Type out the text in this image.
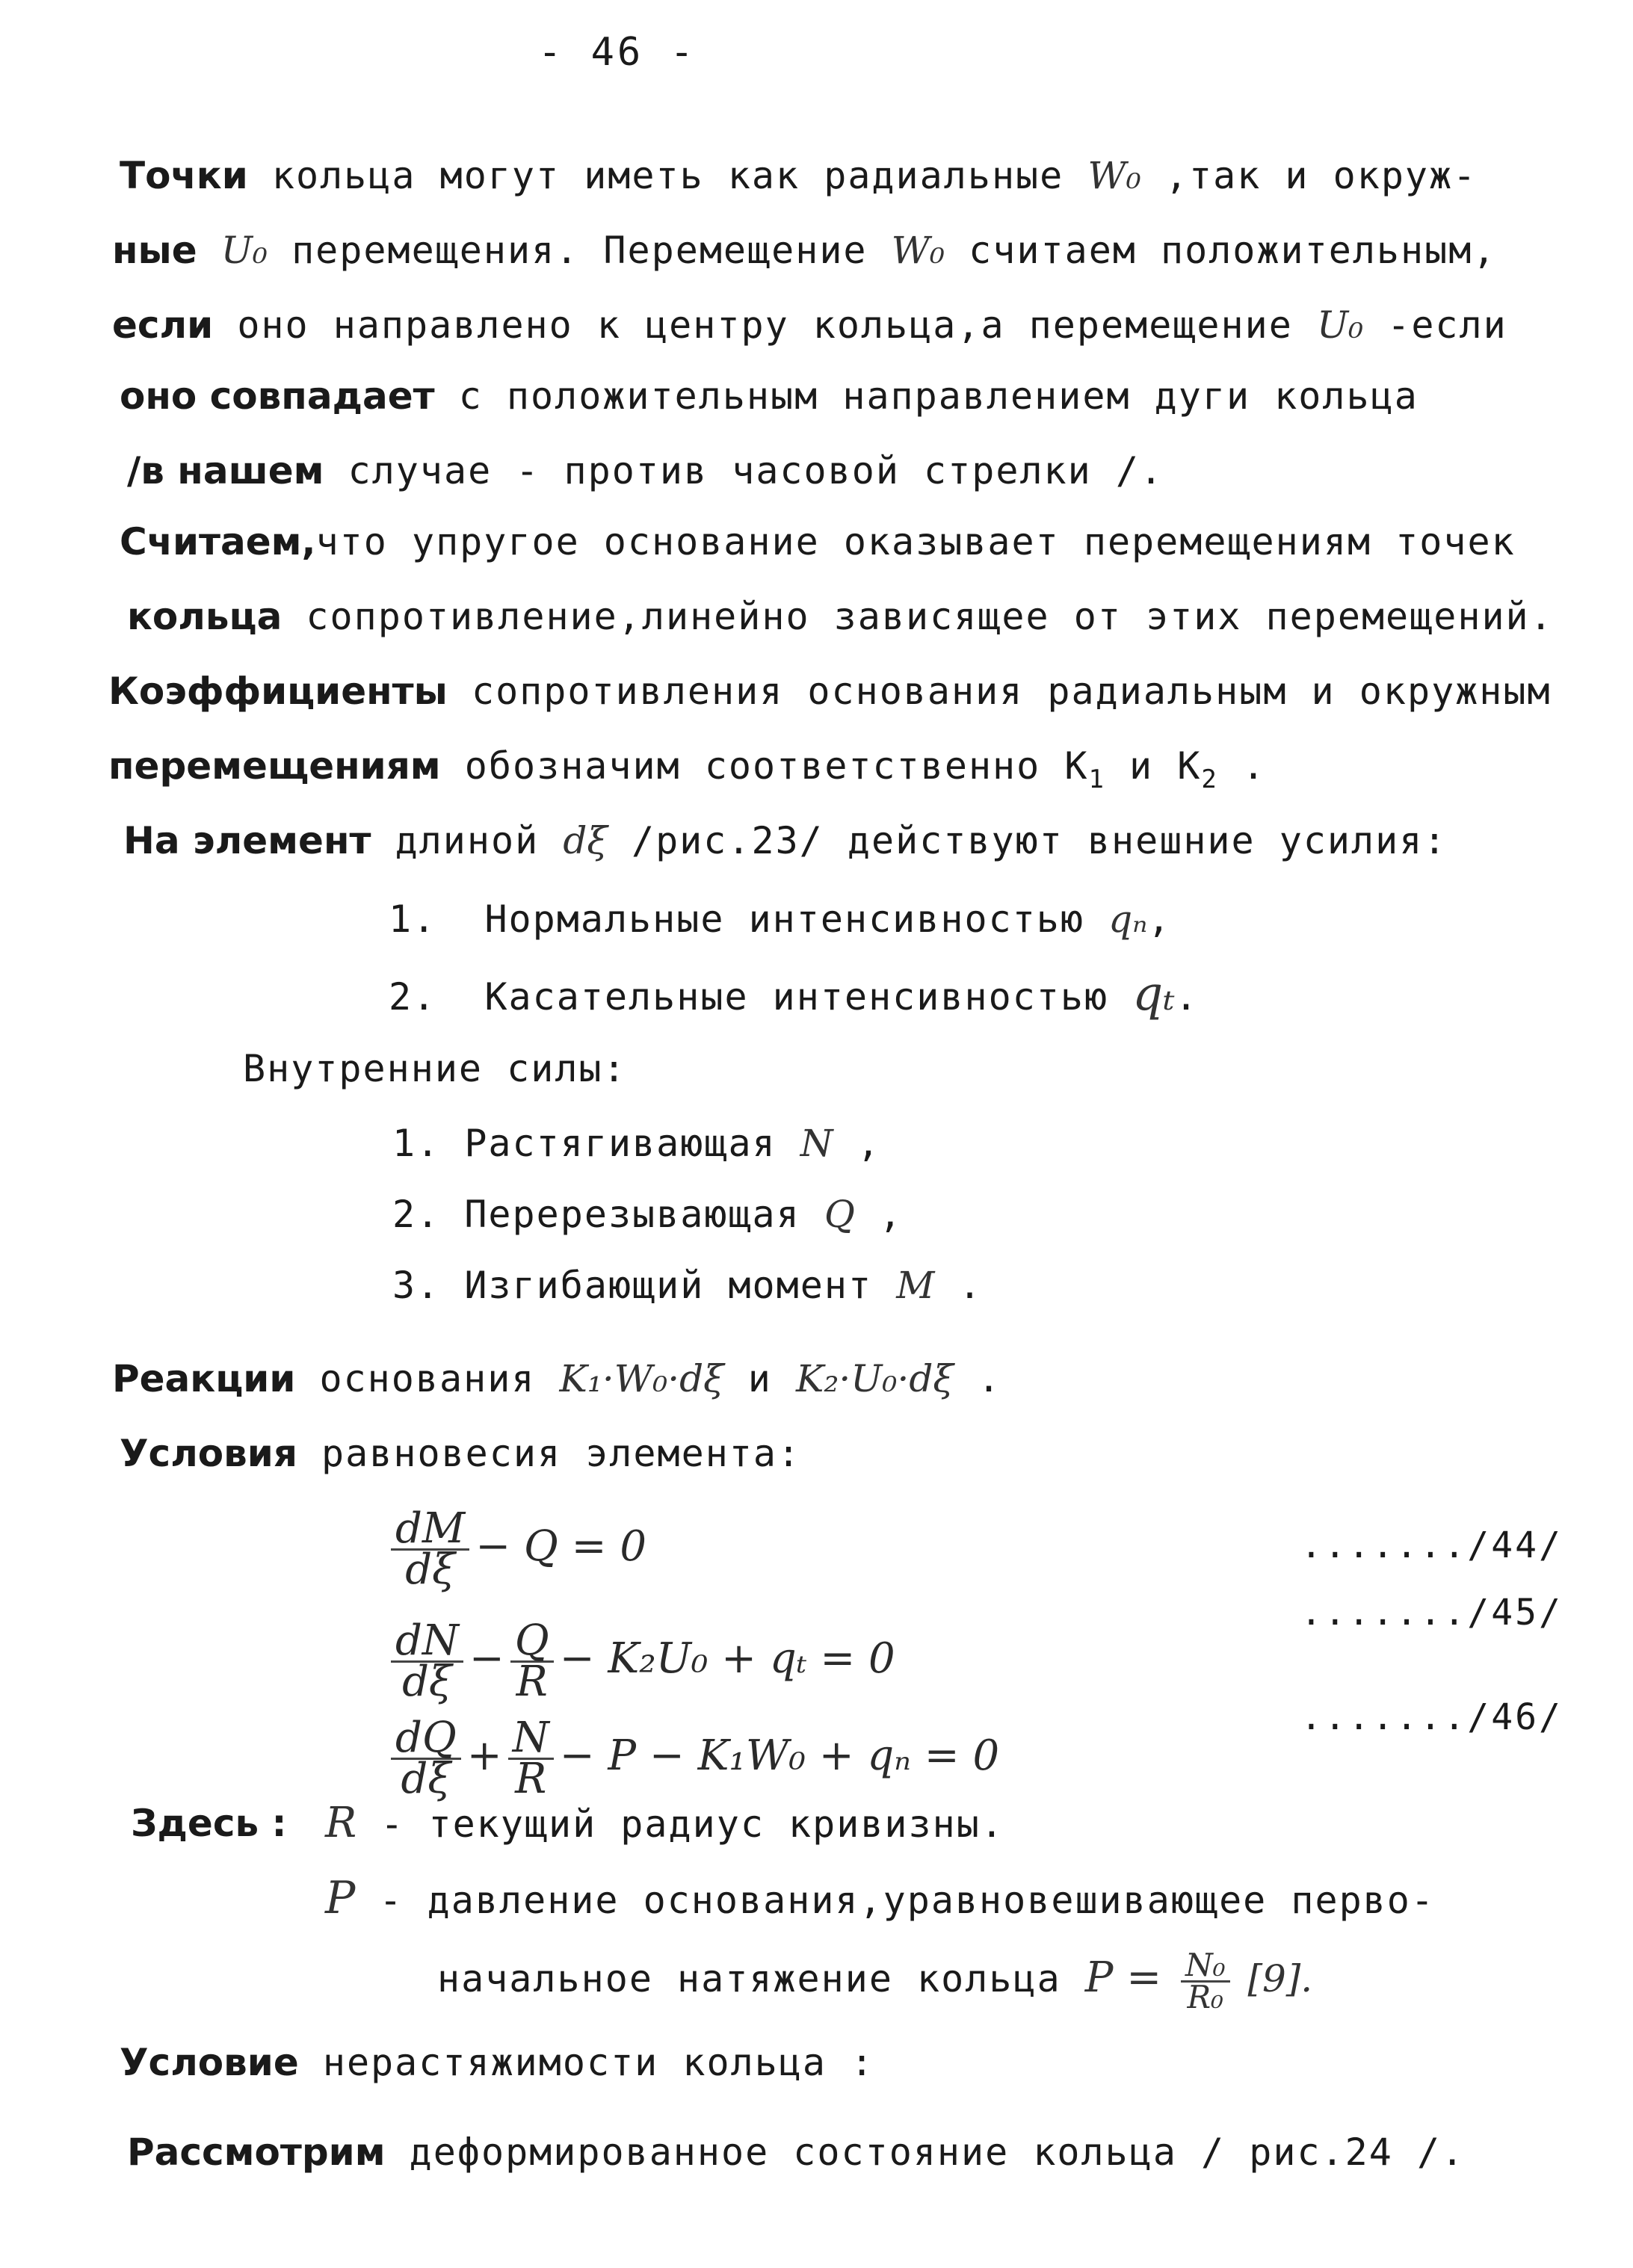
- 46 -
Точки кольца могут иметь как радиальные W₀ ,так и окруж-
ные U₀ перемещения. Перемещение W₀ считаем положительным,
если оно направлено к центру кольца,а перемещение U₀ -если
оно совпадает с положительным направлением дуги кольца
/в нашем случае - против часовой стрелки /.
Считаем,что упругое основание оказывает перемещениям точек
кольца сопротивление,линейно зависящее от этих перемещений.
Коэффициенты сопротивления основания радиальным и окружным
перемещениям обозначим соответственно $К_1$ и $К_2$ .
На элемент длиной dξ /рис.23/ действуют внешние усилия:
1. Нормальные интенсивностью qₙ,
2. Касательные интенсивностью qₜ.
Внутренние силы:
1. Растягивающая N ,
2. Перерезывающая Q ,
3. Изгибающий момент M .
Реакции основания K₁·W₀·dξ и K₂·U₀·dξ .
Условия равновесия элемента:
$\frac{dM}{d\xi} - Q = 0$	......./44/
$\frac{dN}{d\xi} - \frac{Q}{R} - K_2U_0 + q_t = 0$
......./45/
$\frac{dQ}{d\xi} + \frac{N}{R} - P - K_1W_0 + q_n = 0$
......./46/
Здесь : R - текущий радиус кривизны.
P - давление основания,уравновешивающее перво-
начальное натяжение кольца $P = \frac{\text{N₀}}{\text{R₀}} [9]$.
Условие нерастяжимости кольца :
Рассмотрим деформированное состояние кольца / рис.24 /.
